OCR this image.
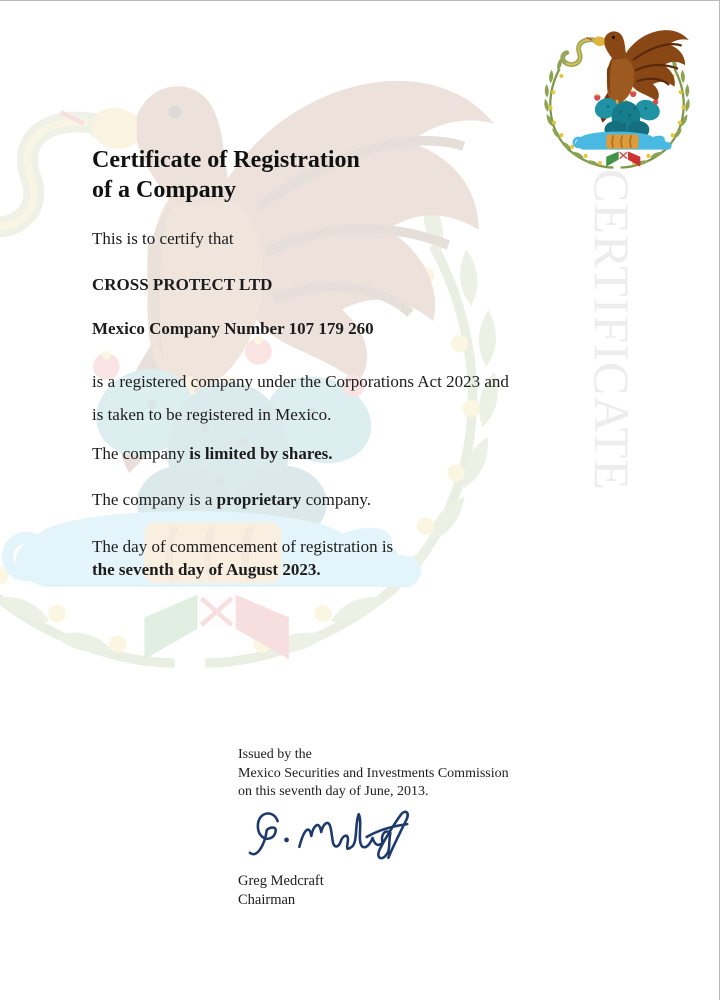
CERTIFICATE
Certificate of Registration
of a Company
This is to certify that
CROSS PROTECT LTD
Mexico Company Number 107 179 260
is a registered company under the Corporations Act 2023 and
is taken to be registered in Mexico.
The company is limited by shares.
The company is a proprietary company.
The day of commencement of registration is
the seventh day of August 2023.
Issued by the
Mexico Securities and Investments Commission
on this seventh day of June, 2013.
Greg Medcraft
Chairman
